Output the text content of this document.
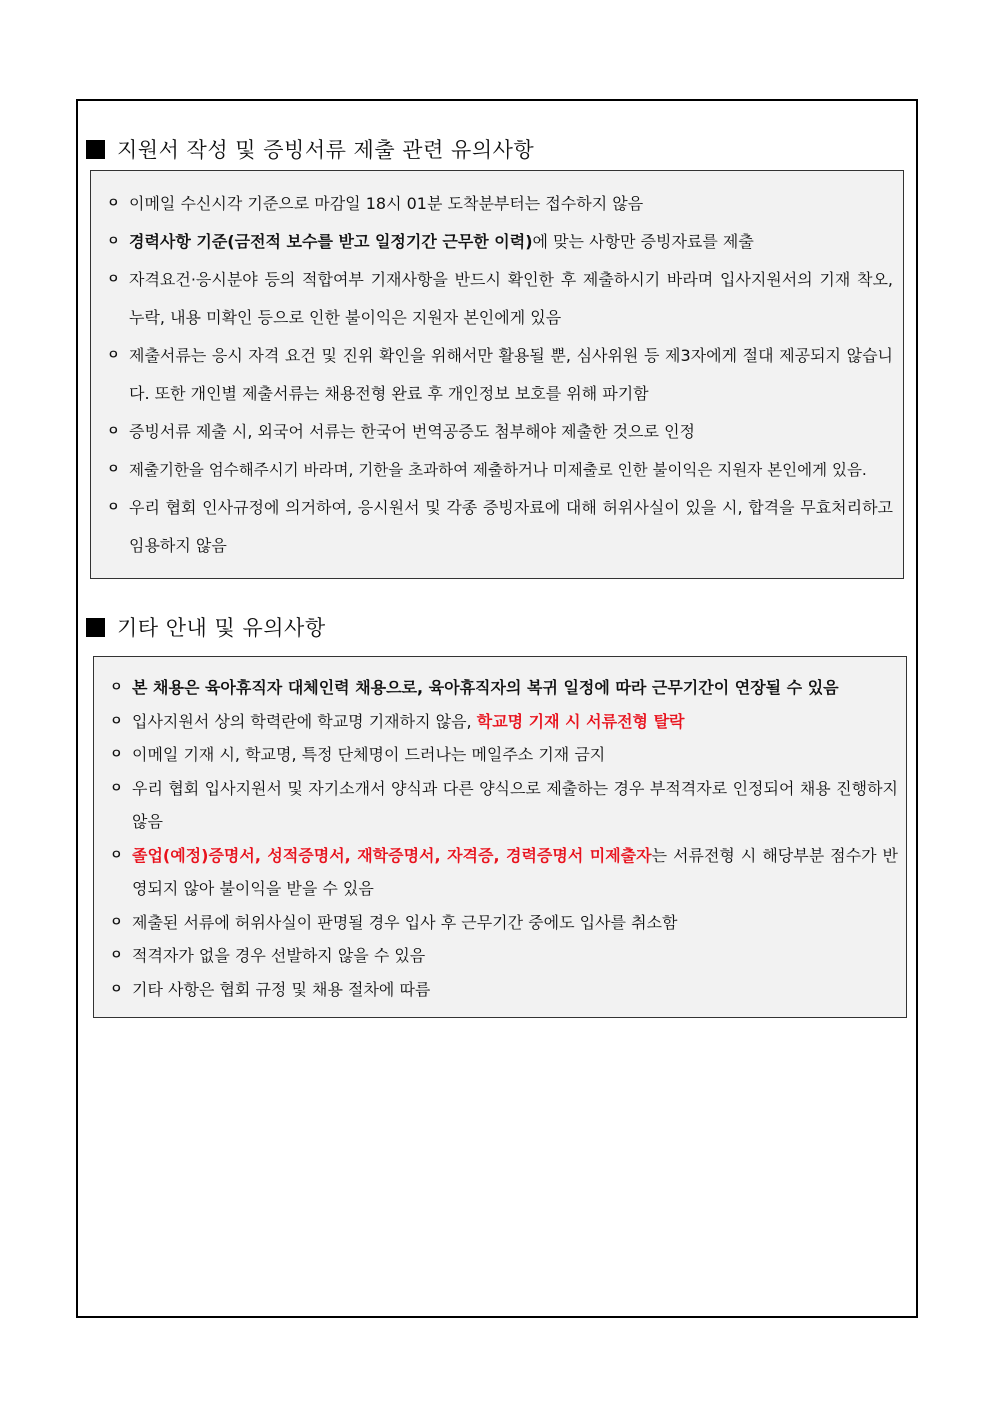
지원서 작성 및 증빙서류 제출 관련 유의사항
ㅇ 이메일 수신시각 기준으로 마감일 18시 01분 도착분부터는 접수하지 않음
ㅇ 경력사항 기준(금전적 보수를 받고 일정기간 근무한 이력)에 맞는 사항만 증빙자료를 제출
ㅇ 자격요건·응시분야 등의 적합여부 기재사항을 반드시 확인한 후 제출하시기 바라며 입사지원서의 기재 착오, 누락, 내용 미확인 등으로 인한 불이익은 지원자 본인에게 있음
ㅇ 제출서류는 응시 자격 요건 및 진위 확인을 위해서만 활용될 뿐, 심사위원 등 제3자에게 절대 제공되지 않습니다. 또한 개인별 제출서류는 채용전형 완료 후 개인정보 보호를 위해 파기함
ㅇ 증빙서류 제출 시, 외국어 서류는 한국어 번역공증도 첨부해야 제출한 것으로 인정
ㅇ 제출기한을 엄수해주시기 바라며, 기한을 초과하여 제출하거나 미제출로 인한 불이익은 지원자 본인에게 있음.
ㅇ 우리 협회 인사규정에 의거하여, 응시원서 및 각종 증빙자료에 대해 허위사실이 있을 시, 합격을 무효처리하고 임용하지 않음
기타 안내 및 유의사항
ㅇ 본 채용은 육아휴직자 대체인력 채용으로, 육아휴직자의 복귀 일정에 따라 근무기간이 연장될 수 있음
ㅇ 입사지원서 상의 학력란에 학교명 기재하지 않음, 학교명 기재 시 서류전형 탈락
ㅇ 이메일 기재 시, 학교명, 특정 단체명이 드러나는 메일주소 기재 금지
ㅇ 우리 협회 입사지원서 및 자기소개서 양식과 다른 양식으로 제출하는 경우 부적격자로 인정되어 채용 진행하지 않음
ㅇ 졸업(예정)증명서, 성적증명서, 재학증명서, 자격증, 경력증명서 미제출자는 서류전형 시 해당부분 점수가 반영되지 않아 불이익을 받을 수 있음
ㅇ 제출된 서류에 허위사실이 판명될 경우 입사 후 근무기간 중에도 입사를 취소함
ㅇ 적격자가 없을 경우 선발하지 않을 수 있음
ㅇ 기타 사항은 협회 규정 및 채용 절차에 따름
